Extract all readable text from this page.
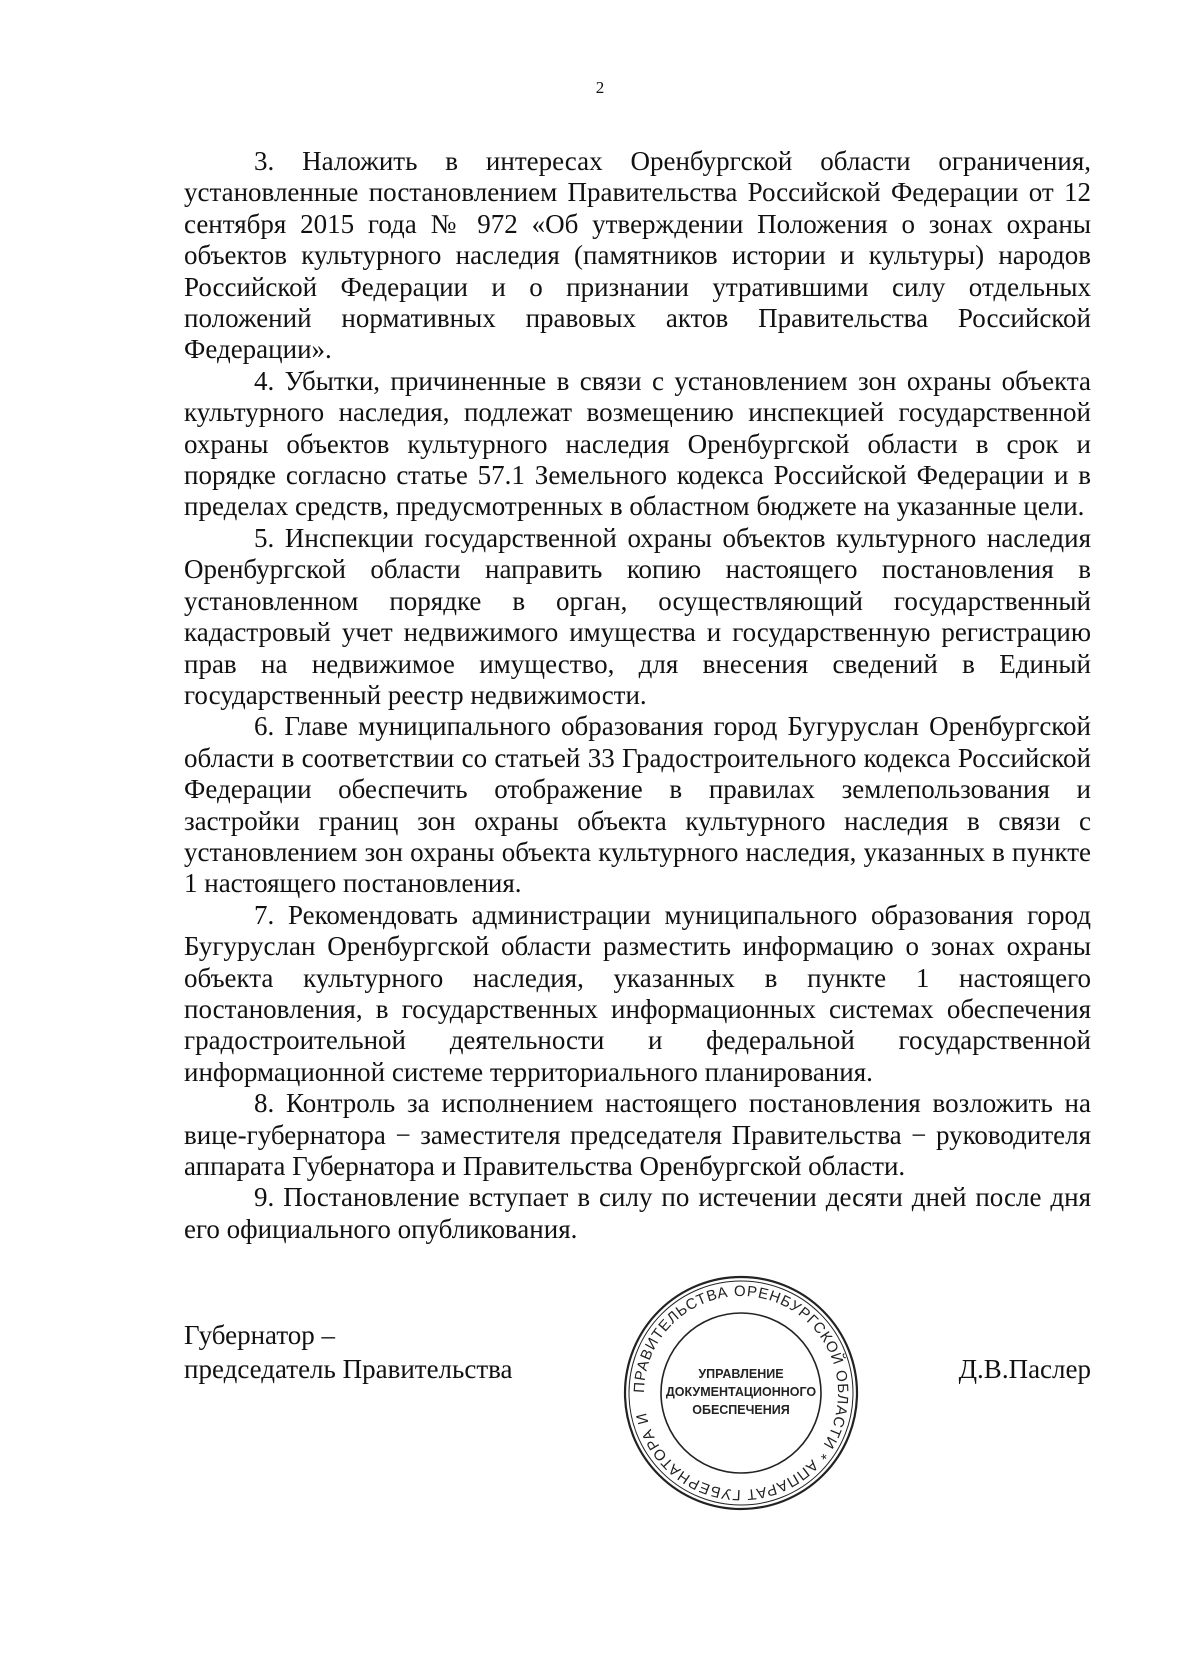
2

3. Наложить в интересах Оренбургской области ограничения, установленные постановлением Правительства Российской Федерации от 12 сентября 2015 года № 972 «Об утверждении Положения о зонах охраны объектов культурного наследия (памятников истории и культуры) народов Российской Федерации и о признании утратившими силу отдельных положений нормативных правовых актов Правительства Российской Федерации».

4. Убытки, причиненные в связи с установлением зон охраны объекта культурного наследия, подлежат возмещению инспекцией государственной охраны объектов культурного наследия Оренбургской области в срок и порядке согласно статье 57.1 Земельного кодекса Российской Федерации и в пределах средств, предусмотренных в областном бюджете на указанные цели.

5. Инспекции государственной охраны объектов культурного наследия Оренбургской области направить копию настоящего постановления в установленном порядке в орган, осуществляющий государственный кадастровый учет недвижимого имущества и государственную регистрацию прав на недвижимое имущество, для внесения сведений в Единый государственный реестр недвижимости.

6. Главе муниципального образования город Бугуруслан Оренбургской области в соответствии со статьей 33 Градостроительного кодекса Российской Федерации обеспечить отображение в правилах землепользования и застройки границ зон охраны объекта культурного наследия в связи с установлением зон охраны объекта культурного наследия, указанных в пункте 1 настоящего постановления.

7. Рекомендовать администрации муниципального образования город Бугуруслан Оренбургской области разместить информацию о зонах охраны объекта культурного наследия, указанных в пункте 1 настоящего постановления, в государственных информационных системах обеспечения градостроительной деятельности и федеральной государственной информационной системе территориального планирования.

8. Контроль за исполнением настоящего постановления возложить на вице-губернатора − заместителя председателя Правительства − руководителя аппарата Губернатора и Правительства Оренбургской области.

9. Постановление вступает в силу по истечении десяти дней после дня его официального опубликования.

Губернатор –
председатель Правительства	Д.В.Паслер
ПРАВИТЕЛЬСТВА ОРЕНБУРГСКОЙ ОБЛАСТИ * АППАРАТ ГУБЕРНАТОРА И
УПРАВЛЕНИЕ
ДОКУМЕНТАЦИОННОГО
ОБЕСПЕЧЕНИЯ
